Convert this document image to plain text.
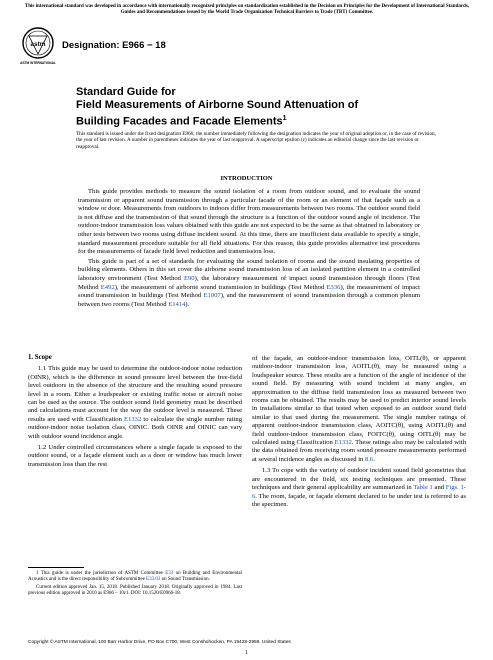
This international standard was developed in accordance with internationally recognized principles on standardization established in the Decision on Principles for the Development of International Standards, Guides and Recommendations issued by the World Trade Organization Technical Barriers to Trade (TBT) Committee.
astm
ASTM INTERNATIONAL
Designation: E966 − 18
Standard Guide for
Field Measurements of Airborne Sound Attenuation of
Building Facades and Facade Elements$^1$
This standard is issued under the fixed designation E966; the number immediately following the designation indicates the year of original adoption or, in the case of revision, the year of last revision. A number in parentheses indicates the year of last reapproval. A superscript epsilon (ε) indicates an editorial change since the last revision or reapproval.
INTRODUCTION

This guide provides methods to measure the sound isolation of a room from outdoor sound, and to evaluate the sound transmission or apparent sound transmission through a particular facade of the room or an element of that façade such as a window or door. Measurements from outdoors to indoors differ from measurements between two rooms. The outdoor sound field is not diffuse and the transmission of that sound through the structure is a function of the outdoor sound angle of incidence. The outdoor-indoor transmission loss values obtained with this guide are not expected to be the same as that obtained in laboratory or other tests between two rooms using diffuse incident sound. At this time, there are insufficient data available to specify a single, standard measurement procedure suitable for all field situations. For this reason, this guide provides alternative test procedures for the measurements of facade field level reduction and transmission loss.

This guide is part of a set of standards for evaluating the sound isolation of rooms and the sound insulating properties of building elements. Others in this set cover the airborne sound transmission loss of an isolated partition element in a controlled laboratory environment (Test Method E90), the laboratory measurement of impact sound transmission through floors (Test Method E492), the measurement of airborne sound transmission in buildings (Test Method E336), the measurement of impact sound transmission in buildings (Test Method E1007), and the measurement of sound transmission through a common plenum between two rooms (Test Method E1414).

1. Scope

1.1 This guide may be used to determine the outdoor-indoor noise reduction (OINR), which is the difference in sound pressure level between the free-field level outdoors in the absence of the structure and the resulting sound pressure level in a room. Either a loudspeaker or existing traffic noise or aircraft noise can be used as the source. The outdoor sound field geometry must be described and calculations must account for the way the outdoor level is measured. These results are used with Classification E1332 to calculate the single number rating outdoor-indoor noise isolation class, OINIC. Both OINR and OINIC can vary with outdoor sound incidence angle.

1.2 Under controlled circumstances where a single façade is exposed to the outdoor sound, or a façade element such as a door or window has much lower transmission loss than the rest

of the façade, an outdoor-indoor transmission loss, OITL(θ), or apparent outdoor-indoor transmission loss, AOITL(θ), may be measured using a loudspeaker source. These results are a function of the angle of incidence of the sound field. By measuring with sound incident at many angles, an approximation to the diffuse field transmission loss as measured between two rooms can be obtained. The results may be used to predict interior sound levels in installations similar to that tested when exposed to an outdoor sound field similar to that used during the measurement. The single number ratings of apparent outdoor-indoor transmission class, AOITC(θ), using AOITL(θ) and field outdoor-indoor transmission class, FOITC(θ), using OITL(θ) may be calculated using Classification E1332. These ratings also may be calculated with the data obtained from receiving room sound pressure measurements performed at several incidence angles as discussed in 8.6.

1.3 To cope with the variety of outdoor incident sound field geometries that are encountered in the field, six testing techniques are presented. These techniques and their general applicability are summarized in Table 1 and Figs. 1-6. The room, façade, or façade element declared to be under test is referred to as the specimen.

1 This guide is under the jurisdiction of ASTM Committee E33 on Building and Environmental Acoustics and is the direct responsibility of Subcommittee E33.03 on Sound Transmission.

Current edition approved Jan. 15, 2018. Published January 2018. Originally approved in 1984. Last previous edition approved in 2010 as E966 – 10ε1. DOI: 10.1520/E0966-18.

Copyright © ASTM International, 100 Barr Harbor Drive, PO Box C700, West Conshohocken, PA 19428-2959. United States
1
